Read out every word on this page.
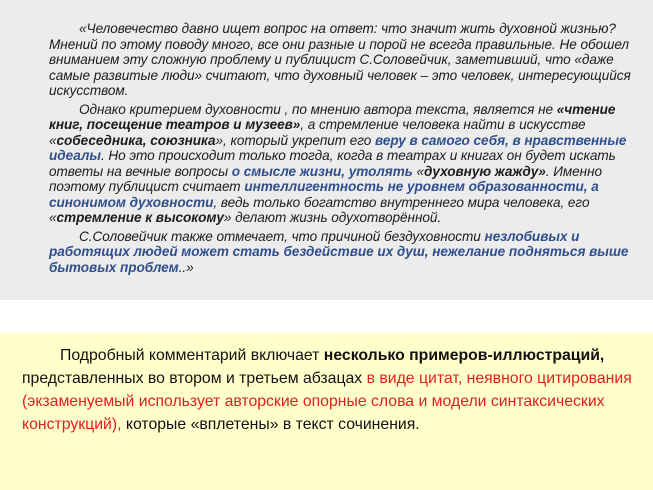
«Человечество давно ищет вопрос на ответ: что значит жить духовной жизнью? Мнений по этому поводу много, все они разные и порой не всегда правильные. Не обошел вниманием эту сложную проблему и публицист С.Соловейчик, заметивший, что «даже самые развитые люди» считают, что духовный человек – это человек, интересующийся искусством.

Однако критерием духовности , по мнению автора текста, является не «чтение книг, посещение театров и музеев», а стремление человека найти в искусстве «собеседника, союзника», который укрепит его веру в самого себя, в нравственные идеалы. Но это происходит только тогда, когда в театрах и книгах он будет искать ответы на вечные вопросы о смысле жизни, утолять «духовную жажду». Именно поэтому публицист считает интеллигентность не уровнем образованности, а синонимом духовности, ведь только богатство внутреннего мира человека, его «стремление к высокому» делают жизнь одухотворённой.

С.Соловейчик также отмечает, что причиной бездуховности незлобивых и работящих людей может стать бездействие их душ, нежелание подняться выше бытовых проблем..»

Подробный комментарий включает несколько примеров-иллюстраций, представленных во втором и третьем абзацах в виде цитат, неявного цитирования (экзаменуемый использует авторские опорные слова и модели синтаксических конструкций), которые «вплетены» в текст сочинения.
